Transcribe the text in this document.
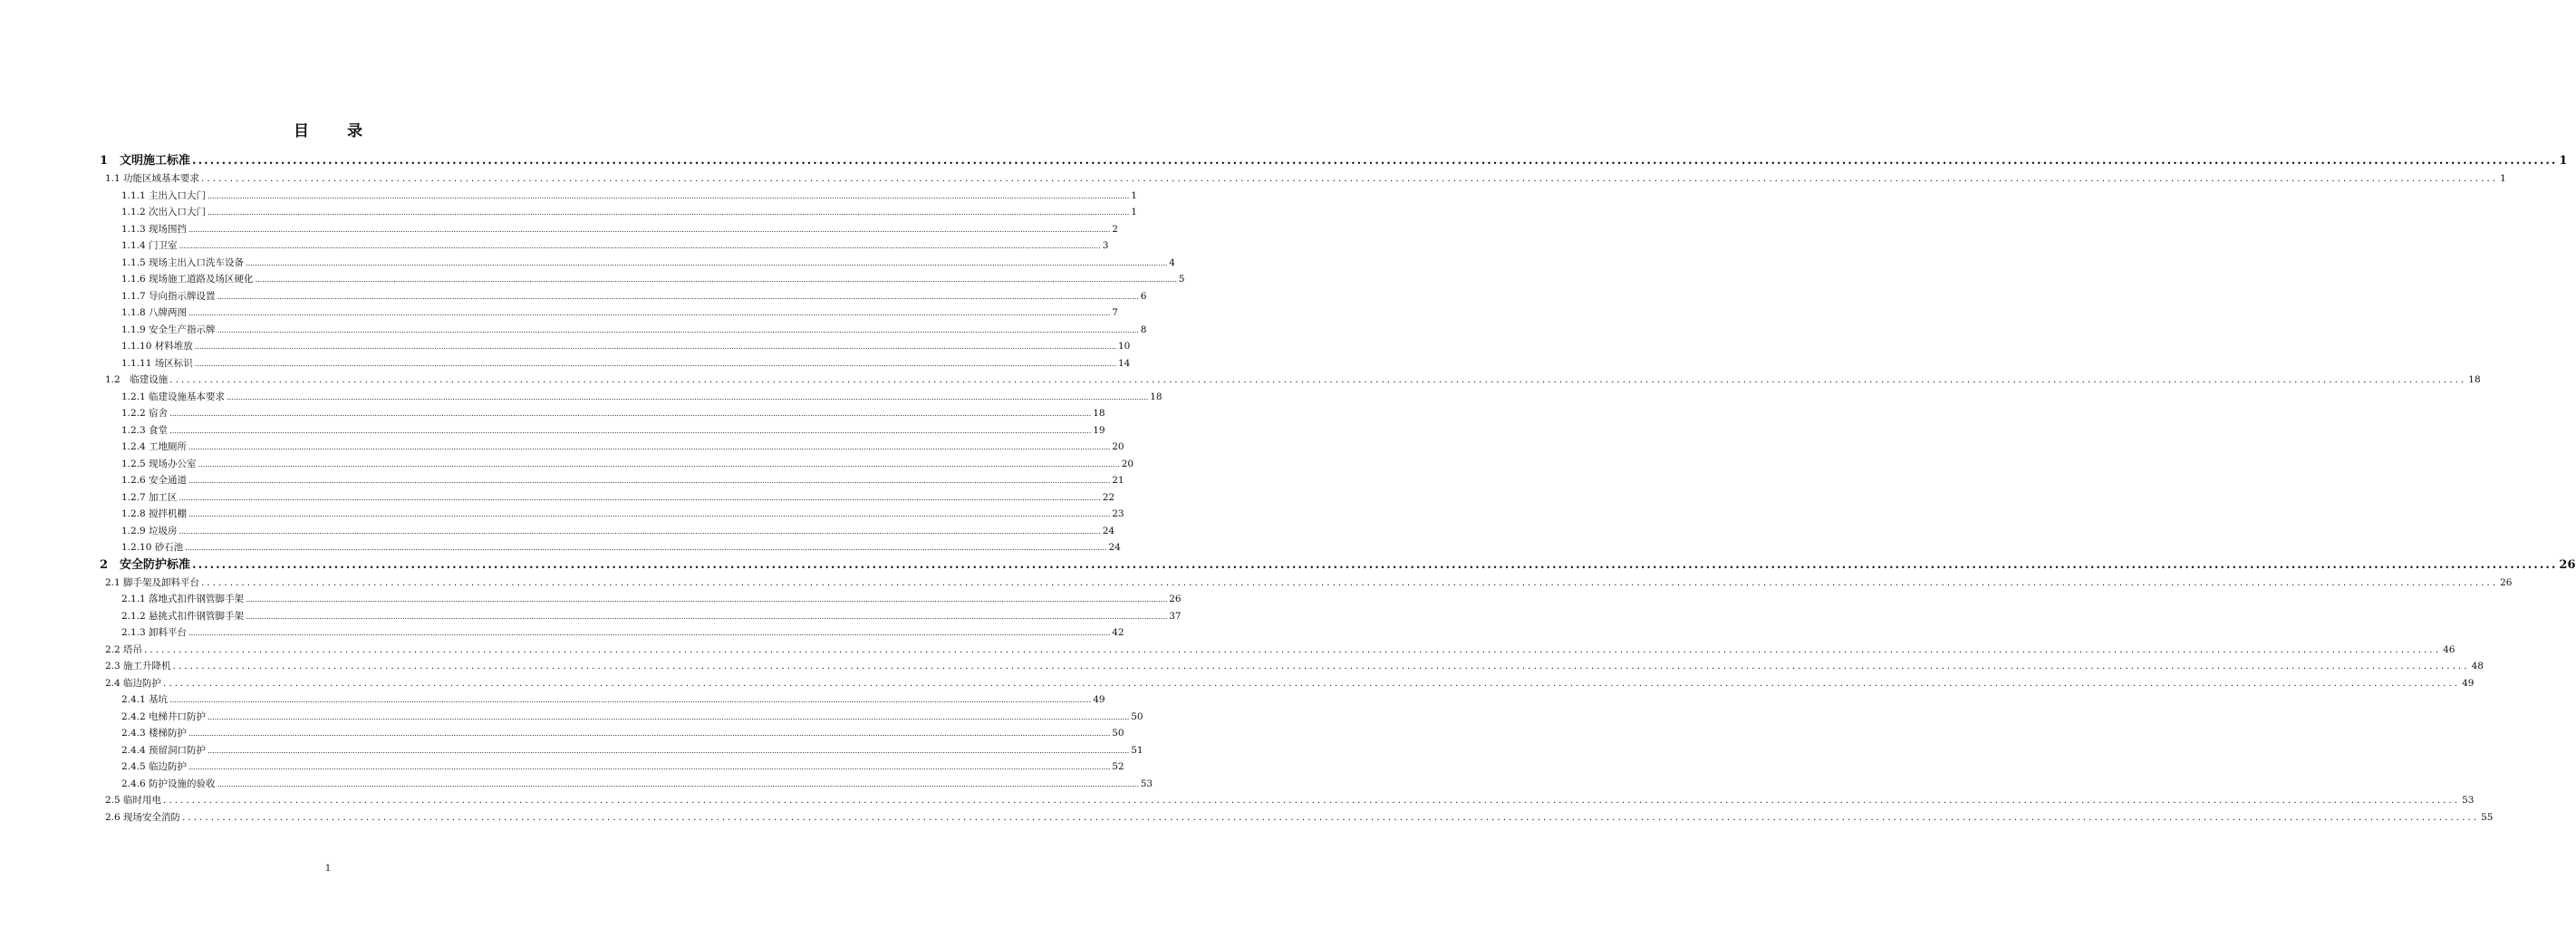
目 录
1　文明施工标准 ................................................................................................................................................................................................................................................................................................................................................................................................................ 1
1.1 功能区域基本要求 ................................................................................................................................................................................................................................................................................................................................................................................................................ 1
1.1.1 主出入口大门 ................................................................................................................................................................................................................................................................................................................................................................................................................ 1
1.1.2 次出入口大门 ................................................................................................................................................................................................................................................................................................................................................................................................................ 1
1.1.3 现场围挡 ................................................................................................................................................................................................................................................................................................................................................................................................................ 2
1.1.4 门卫室 ................................................................................................................................................................................................................................................................................................................................................................................................................ 3
1.1.5 现场主出入口洗车设备 ................................................................................................................................................................................................................................................................................................................................................................................................................ 4
1.1.6 现场施工道路及场区硬化 ................................................................................................................................................................................................................................................................................................................................................................................................................ 5
1.1.7 导向指示牌设置 ................................................................................................................................................................................................................................................................................................................................................................................................................ 6
1.1.8 八牌两图 ................................................................................................................................................................................................................................................................................................................................................................................................................ 7
1.1.9 安全生产指示牌 ................................................................................................................................................................................................................................................................................................................................................................................................................ 8
1.1.10 材料堆放 ................................................................................................................................................................................................................................................................................................................................................................................................................ 10
1.1.11 场区标识 ................................................................................................................................................................................................................................................................................................................................................................................................................ 14
1.2　临建设施 ................................................................................................................................................................................................................................................................................................................................................................................................................ 18
1.2.1 临建设施基本要求 ................................................................................................................................................................................................................................................................................................................................................................................................................ 18
1.2.2 宿舍 ................................................................................................................................................................................................................................................................................................................................................................................................................ 18
1.2.3 食堂 ................................................................................................................................................................................................................................................................................................................................................................................................................ 19
1.2.4 工地厕所 ................................................................................................................................................................................................................................................................................................................................................................................................................ 20
1.2.5 现场办公室 ................................................................................................................................................................................................................................................................................................................................................................................................................ 20
1.2.6 安全通道 ................................................................................................................................................................................................................................................................................................................................................................................................................ 21
1.2.7 加工区 ................................................................................................................................................................................................................................................................................................................................................................................................................ 22
1.2.8 搅拌机棚 ................................................................................................................................................................................................................................................................................................................................................................................................................ 23
1.2.9 垃圾房 ................................................................................................................................................................................................................................................................................................................................................................................................................ 24
1.2.10 砂石池 ................................................................................................................................................................................................................................................................................................................................................................................................................ 24
2　安全防护标准 ................................................................................................................................................................................................................................................................................................................................................................................................................ 26
2.1 脚手架及卸料平台 ................................................................................................................................................................................................................................................................................................................................................................................................................ 26
2.1.1 落地式扣件钢管脚手架 ................................................................................................................................................................................................................................................................................................................................................................................................................ 26
2.1.2 悬挑式扣件钢管脚手架 ................................................................................................................................................................................................................................................................................................................................................................................................................ 37
2.1.3 卸料平台 ................................................................................................................................................................................................................................................................................................................................................................................................................ 42
2.2 塔吊 ................................................................................................................................................................................................................................................................................................................................................................................................................ 46
2.3 施工升降机 ................................................................................................................................................................................................................................................................................................................................................................................................................ 48
2.4 临边防护 ................................................................................................................................................................................................................................................................................................................................................................................................................ 49
2.4.1 基坑 ................................................................................................................................................................................................................................................................................................................................................................................................................ 49
2.4.2 电梯井口防护 ................................................................................................................................................................................................................................................................................................................................................................................................................ 50
2.4.3 楼梯防护 ................................................................................................................................................................................................................................................................................................................................................................................................................ 50
2.4.4 预留洞口防护 ................................................................................................................................................................................................................................................................................................................................................................................................................ 51
2.4.5 临边防护 ................................................................................................................................................................................................................................................................................................................................................................................................................ 52
2.4.6 防护设施的验收 ................................................................................................................................................................................................................................................................................................................................................................................................................ 53
2.5 临时用电 ................................................................................................................................................................................................................................................................................................................................................................................................................ 53
2.6 现场安全消防 ................................................................................................................................................................................................................................................................................................................................................................................................................ 55
1
